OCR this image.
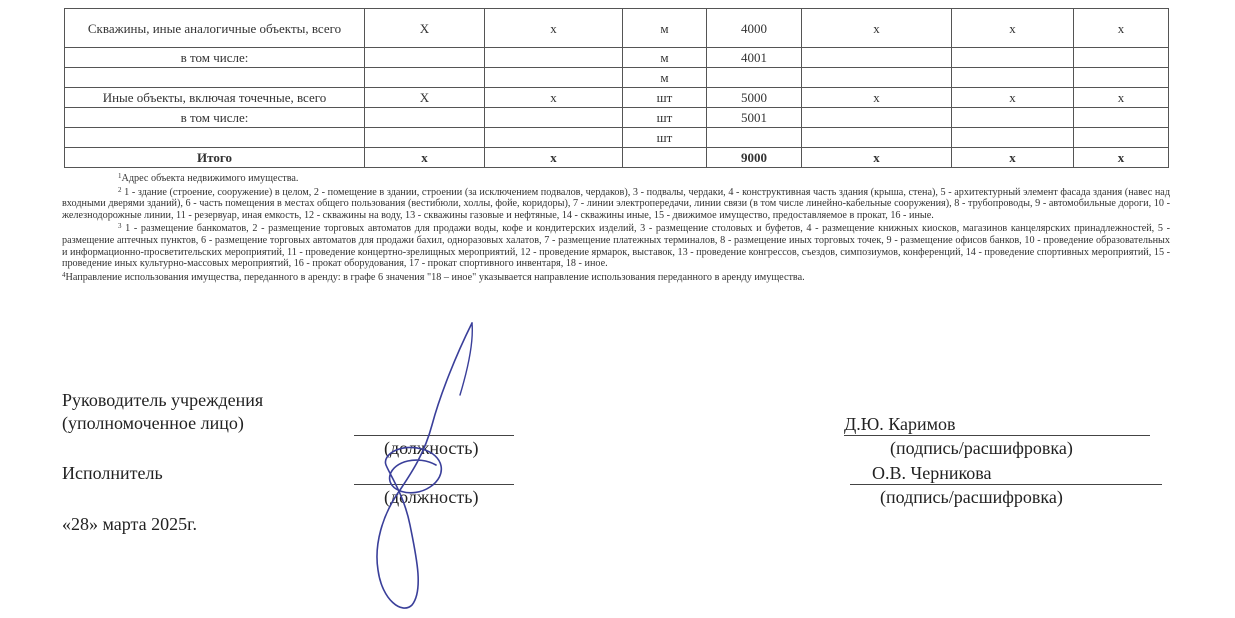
Скважины, иные аналогичные объекты, всего	Х	х	м	4000	х	х	х
в том числе:			м	4001			
			м				
Иные объекты, включая точечные, всего	Х	х	шт	5000	х	х	х
в том числе:			шт	5001			
			шт				
Итого	х	х		9000	х	х	х

$^1$Адрес объекта недвижимого имущества.

$^2$ 1 - здание (строение, сооружение) в целом, 2 - помещение в здании, строении (за исключением подвалов, чердаков), 3 - подвалы, чердаки, 4 - конструктивная часть здания (крыша, стена), 5 - архитектурный элемент фасада здания (навес над входными дверями зданий), 6 - часть помещения в местах общего пользования (вестибюли, холлы, фойе, коридоры), 7 - линии электропередачи, линии связи (в том числе линейно-кабельные сооружения), 8 - трубопроводы, 9 - автомобильные дороги, 10 - железнодорожные линии, 11 - резервуар, иная емкость, 12 - скважины на воду, 13 - скважины газовые и нефтяные, 14 - скважины иные, 15 - движимое имущество, предоставляемое в прокат, 16 - иные.

$^3$ 1 - размещение банкоматов, 2 - размещение торговых автоматов для продажи воды, кофе и кондитерских изделий, 3 - размещение столовых и буфетов, 4 - размещение книжных киосков, магазинов канцелярских принадлежностей, 5 - размещение аптечных пунктов, 6 - размещение торговых автоматов для продажи бахил, одноразовых халатов, 7 - размещение платежных терминалов, 8 - размещение иных торговых точек, 9 - размещение офисов банков, 10 - проведение образовательных и информационно-просветительских мероприятий, 11 - проведение концертно-зрелищных мероприятий, 12 - проведение ярмарок, выставок, 13 - проведение конгрессов, съездов, симпозиумов, конференций, 14 - проведение спортивных мероприятий, 15 - проведение иных культурно-массовых мероприятий, 16 - прокат оборудования, 17 - прокат спортивного инвентаря, 18 - иное.

$^4$Направление использования имущества, переданного в аренду: в графе 6 значения "18 – иное" указывается направление использования переданного в аренду имущества.

Руководитель учреждения
(уполномоченное лицо)
(должность)
Д.Ю. Каримов
(подпись/расшифровка)
Исполнитель
(должность)
О.В. Черникова
(подпись/расшифровка)
«28» марта 2025г.
